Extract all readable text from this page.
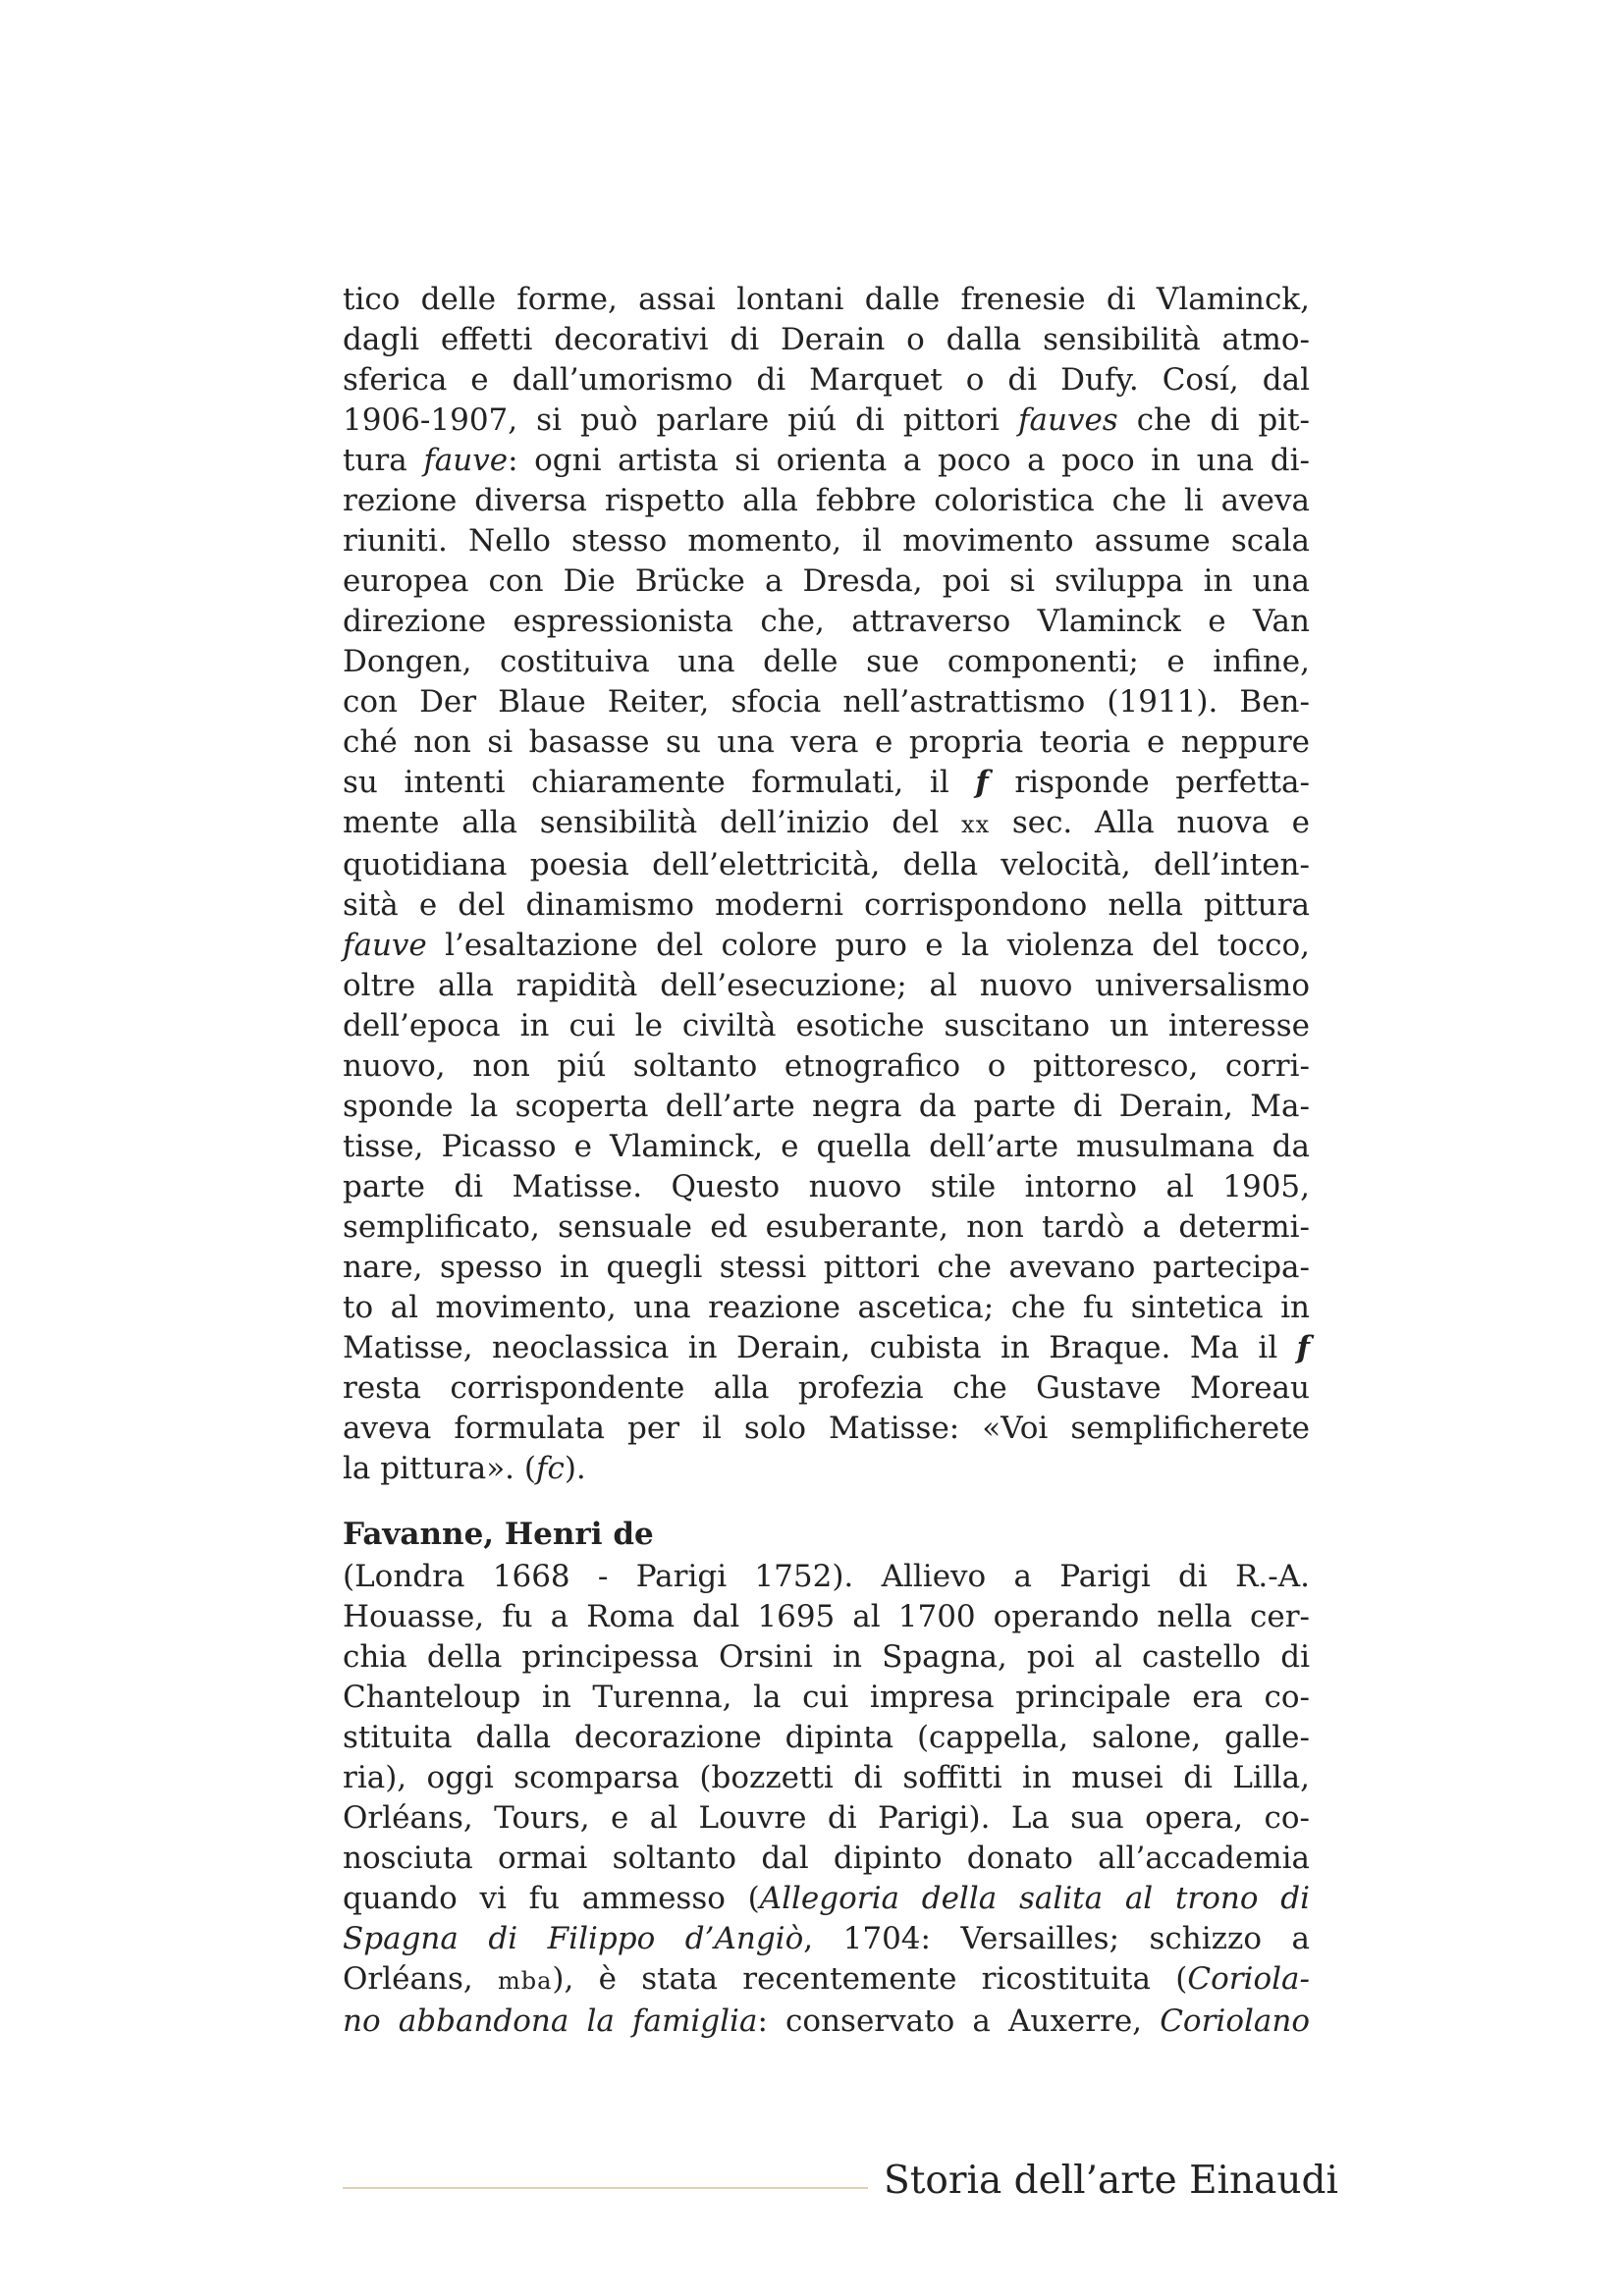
tico delle forme, assai lontani dalle frenesie di Vlaminck,
dagli effetti decorativi di Derain o dalla sensibilità atmo-
sferica e dall’umorismo di Marquet o di Dufy. Cosí, dal
1906-1907, si può parlare piú di pittori fauves che di pit-
tura fauve: ogni artista si orienta a poco a poco in una di-
rezione diversa rispetto alla febbre coloristica che li aveva
riuniti. Nello stesso momento, il movimento assume scala
europea con Die Brücke a Dresda, poi si sviluppa in una
direzione espressionista che, attraverso Vlaminck e Van
Dongen, costituiva una delle sue componenti; e infine,
con Der Blaue Reiter, sfocia nell’astrattismo (1911). Ben-
ché non si basasse su una vera e propria teoria e neppure
su intenti chiaramente formulati, il f risponde perfetta-
mente alla sensibilità dell’inizio del xx sec. Alla nuova e
quotidiana poesia dell’elettricità, della velocità, dell’inten-
sità e del dinamismo moderni corrispondono nella pittura
fauve l’esaltazione del colore puro e la violenza del tocco,
oltre alla rapidità dell’esecuzione; al nuovo universalismo
dell’epoca in cui le civiltà esotiche suscitano un interesse
nuovo, non piú soltanto etnografico o pittoresco, corri-
sponde la scoperta dell’arte negra da parte di Derain, Ma-
tisse, Picasso e Vlaminck, e quella dell’arte musulmana da
parte di Matisse. Questo nuovo stile intorno al 1905,
semplificato, sensuale ed esuberante, non tardò a determi-
nare, spesso in quegli stessi pittori che avevano partecipa-
to al movimento, una reazione ascetica; che fu sintetica in
Matisse, neoclassica in Derain, cubista in Braque. Ma il f
resta corrispondente alla profezia che Gustave Moreau
aveva formulata per il solo Matisse: «Voi semplificherete
la pittura». (fc).
Favanne, Henri de
(Londra 1668 - Parigi 1752). Allievo a Parigi di R.-A.
Houasse, fu a Roma dal 1695 al 1700 operando nella cer-
chia della principessa Orsini in Spagna, poi al castello di
Chanteloup in Turenna, la cui impresa principale era co-
stituita dalla decorazione dipinta (cappella, salone, galle-
ria), oggi scomparsa (bozzetti di soffitti in musei di Lilla,
Orléans, Tours, e al Louvre di Parigi). La sua opera, co-
nosciuta ormai soltanto dal dipinto donato all’accademia
quando vi fu ammesso (Allegoria della salita al trono di
Spagna di Filippo d’Angiò, 1704: Versailles; schizzo a
Orléans, mba), è stata recentemente ricostituita (Coriola-
no abbandona la famiglia: conservato a Auxerre, Coriolano
Storia dell’arte Einaudi
